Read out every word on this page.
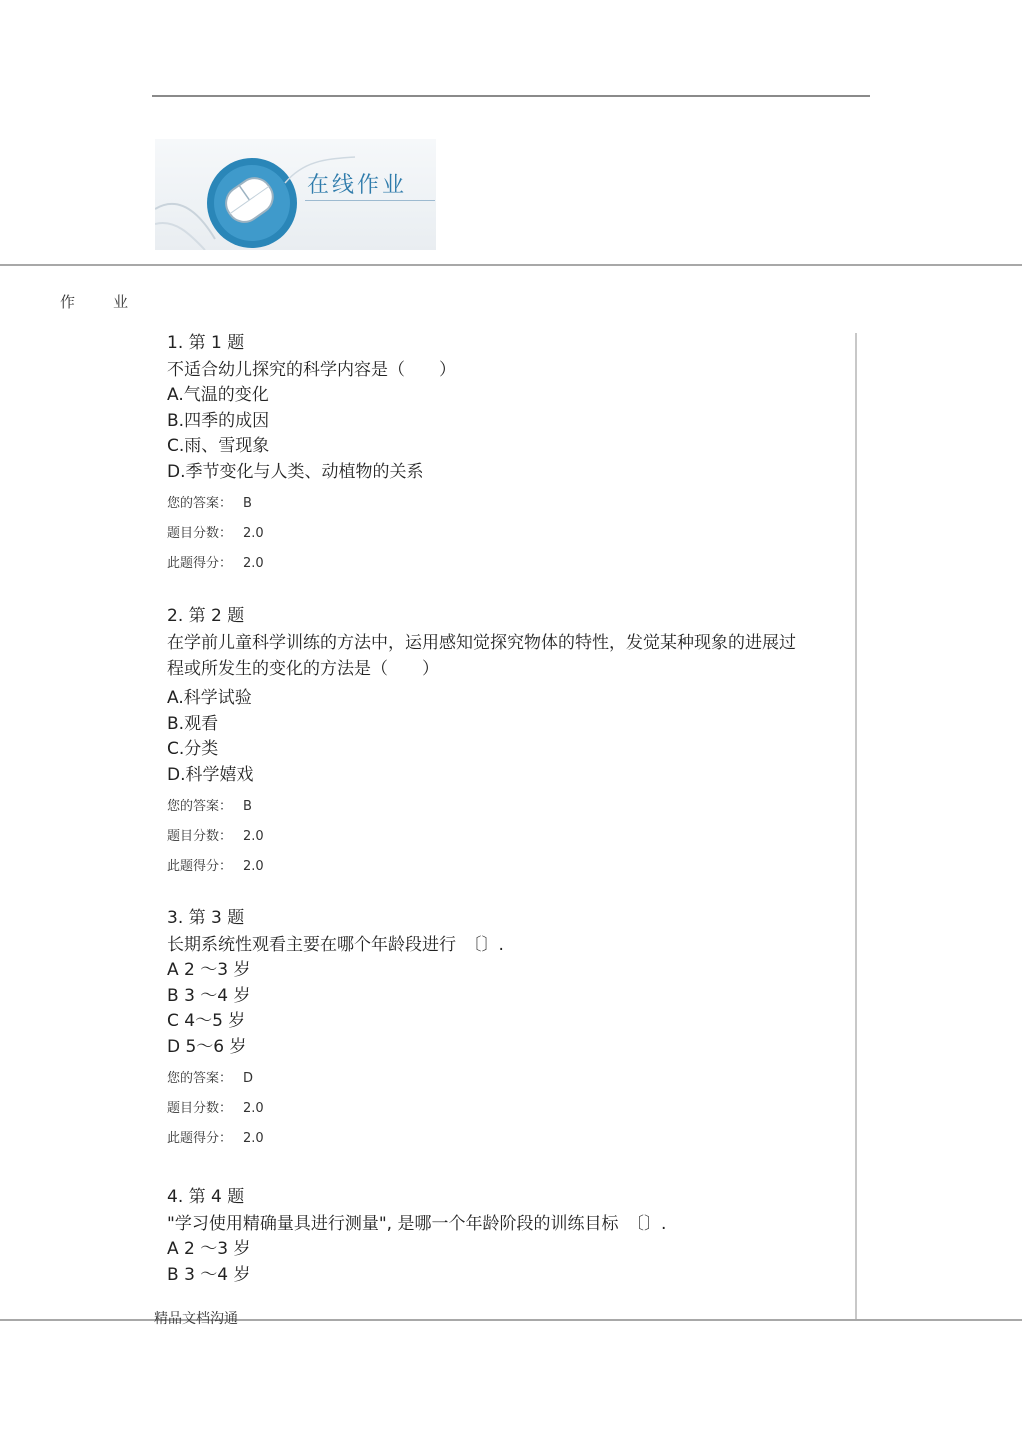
在线作业
作业
1. 第 1 题
不适合幼儿探究的科学内容是（　　）
A.气温的变化
B.四季的成因
C.雨、雪现象
D.季节变化与人类、动植物的关系
您的答案： B
题目分数： 2.0
此题得分： 2.0
2. 第 2 题
在学前儿童科学训练的方法中，运用感知觉探究物体的特性，发觉某种现象的进展过程或所发生的变化的方法是（　　）
A.科学试验
B.观看
C.分类
D.科学嬉戏
您的答案： B
题目分数： 2.0
此题得分： 2.0
3. 第 3 题
长期系统性观看主要在哪个年龄段进行　〔〕.
A 2 ～3 岁
B 3 ～4 岁
C 4～5 岁
D 5～6 岁
您的答案： D
题目分数： 2.0
此题得分： 2.0
4. 第 4 题
"学习使用精确量具进行测量", 是哪一个年龄阶段的训练目标　〔〕.
A 2 ～3 岁
B 3 ～4 岁
精品文档沟通
